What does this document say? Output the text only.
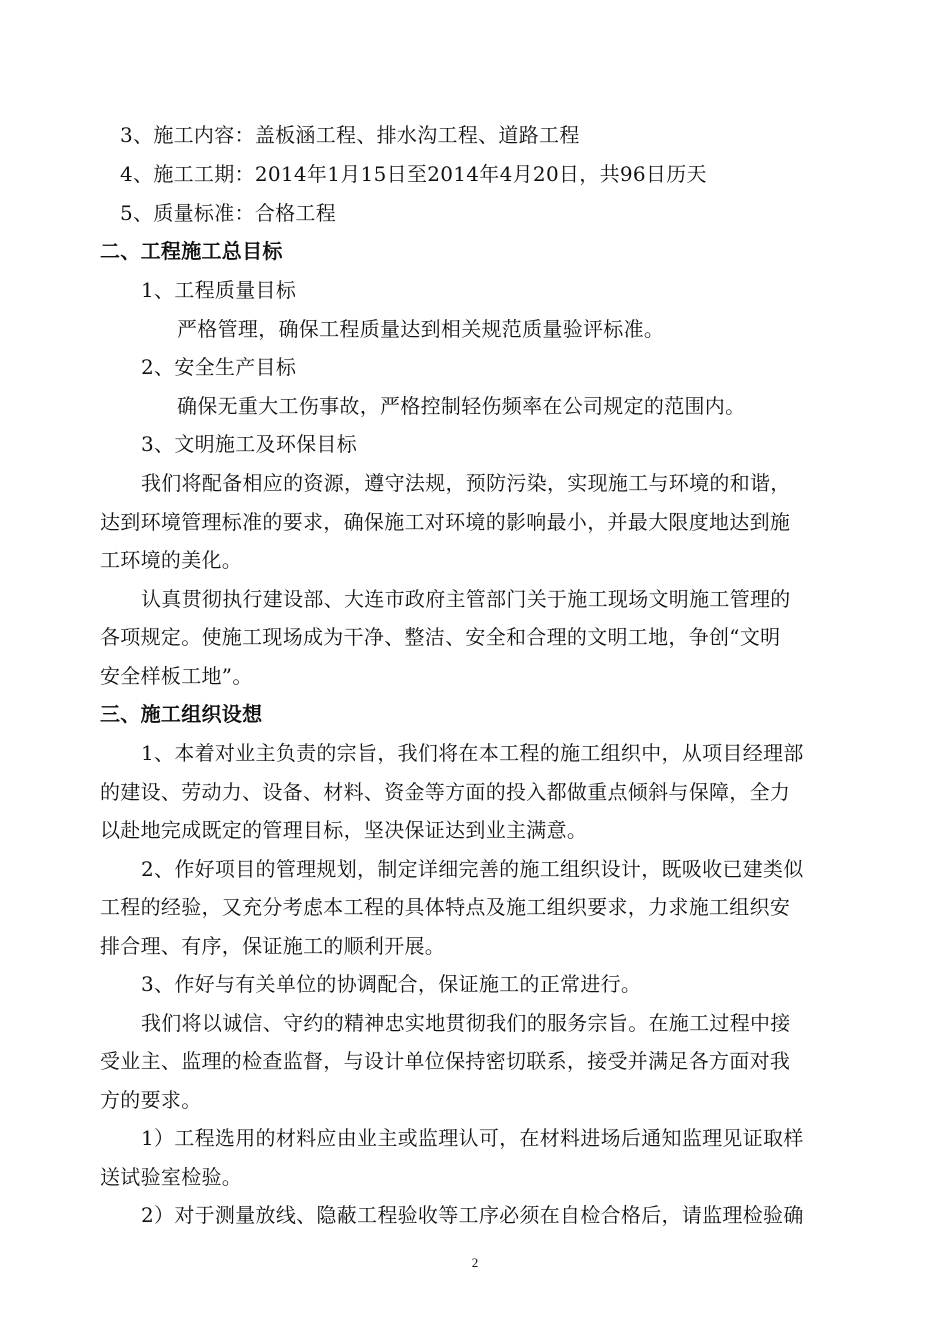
3、施工内容：盖板涵工程、排水沟工程、道路工程
4、施工工期：2014年1月15日至2014年4月20日，共96日历天
5、质量标准：合格工程
二、工程施工总目标
1、工程质量目标
严格管理，确保工程质量达到相关规范质量验评标准。
2、安全生产目标
确保无重大工伤事故，严格控制轻伤频率在公司规定的范围内。
3、文明施工及环保目标
我们将配备相应的资源，遵守法规，预防污染，实现施工与环境的和谐，
达到环境管理标准的要求，确保施工对环境的影响最小，并最大限度地达到施
工环境的美化。
认真贯彻执行建设部、大连市政府主管部门关于施工现场文明施工管理的
各项规定。使施工现场成为干净、整洁、安全和合理的文明工地，争创“文明
安全样板工地”。
三、施工组织设想
1、本着对业主负责的宗旨，我们将在本工程的施工组织中，从项目经理部
的建设、劳动力、设备、材料、资金等方面的投入都做重点倾斜与保障，全力
以赴地完成既定的管理目标，坚决保证达到业主满意。
2、作好项目的管理规划，制定详细完善的施工组织设计，既吸收已建类似
工程的经验，又充分考虑本工程的具体特点及施工组织要求，力求施工组织安
排合理、有序，保证施工的顺利开展。
3、作好与有关单位的协调配合，保证施工的正常进行。
我们将以诚信、守约的精神忠实地贯彻我们的服务宗旨。在施工过程中接
受业主、监理的检查监督，与设计单位保持密切联系，接受并满足各方面对我
方的要求。
1）工程选用的材料应由业主或监理认可，在材料进场后通知监理见证取样
送试验室检验。
2）对于测量放线、隐蔽工程验收等工序必须在自检合格后，请监理检验确
2
